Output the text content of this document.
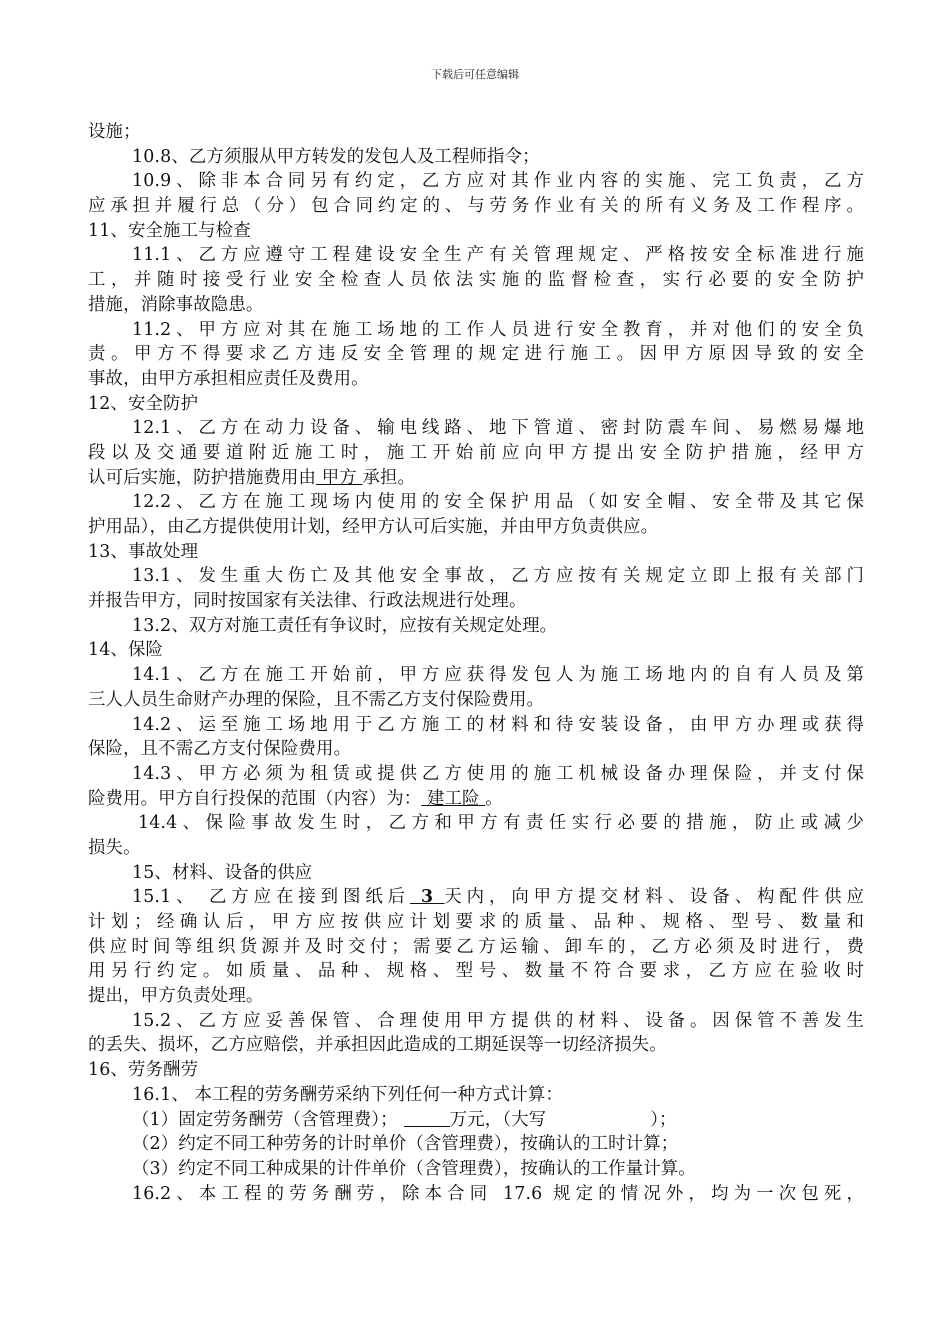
下载后可任意编辑
设施；
10.8、乙方须服从甲方转发的发包人及工程师指令；
10.9、除非本合同另有约定，乙方应对其作业内容的实施、完工负责，乙方
应承担并履行总（分）包合同约定的、与劳务作业有关的所有义务及工作程序。
11、安全施工与检查
11.1、乙方应遵守工程建设安全生产有关管理规定、严格按安全标准进行施
工，并随时接受行业安全检查人员依法实施的监督检查，实行必要的安全防护
措施，消除事故隐患。
11.2、甲方应对其在施工场地的工作人员进行安全教育，并对他们的安全负
责。甲方不得要求乙方违反安全管理的规定进行施工。因甲方原因导致的安全
事故，由甲方承担相应责任及费用。
12、安全防护
12.1、乙方在动力设备、输电线路、地下管道、密封防震车间、易燃易爆地
段以及交通要道附近施工时，施工开始前应向甲方提出安全防护措施，经甲方
认可后实施，防护措施费用由 甲方 承担。
12.2、乙方在施工现场内使用的安全保护用品（如安全帽、安全带及其它保
护用品），由乙方提供使用计划，经甲方认可后实施，并由甲方负责供应。
13、事故处理
13.1、发生重大伤亡及其他安全事故，乙方应按有关规定立即上报有关部门
并报告甲方，同时按国家有关法律、行政法规进行处理。
13.2、双方对施工责任有争议时，应按有关规定处理。
14、保险
14.1、乙方在施工开始前，甲方应获得发包人为施工场地内的自有人员及第
三人人员生命财产办理的保险，且不需乙方支付保险费用。
14.2、运至施工场地用于乙方施工的材料和待安装设备，由甲方办理或获得
保险，且不需乙方支付保险费用。
14.3、甲方必须为租赁或提供乙方使用的施工机械设备办理保险，并支付保
险费用。甲方自行投保的范围（内容）为： 建工险 。
14.4、保险事故发生时，乙方和甲方有责任实行必要的措施，防止或减少
损失。
15、材料、设备的供应
15.1、 乙方应在接到图纸后 3 天内，向甲方提交材料、设备、构配件供应
计划；经确认后，甲方应按供应计划要求的质量、品种、规格、型号、数量和
供应时间等组织货源并及时交付；需要乙方运输、卸车的，乙方必须及时进行，费
用另行约定。如质量、品种、规格、型号、数量不符合要求，乙方应在验收时
提出，甲方负责处理。
15.2、乙方应妥善保管、合理使用甲方提供的材料、设备。因保管不善发生
的丢失、损坏，乙方应赔偿，并承担因此造成的工期延误等一切经济损失。
16、劳务酬劳
16.1、 本工程的劳务酬劳采纳下列任何一种方式计算：
（1）固定劳务酬劳（含管理费）；	万元，（大写	）；
（2）约定不同工种劳务的计时单价（含管理费），按确认的工时计算；
（3）约定不同工种成果的计件单价（含管理费），按确认的工作量计算。
16.2、本工程的劳务酬劳，除本合同 17.6 规定的情况外，均为一次包死，
